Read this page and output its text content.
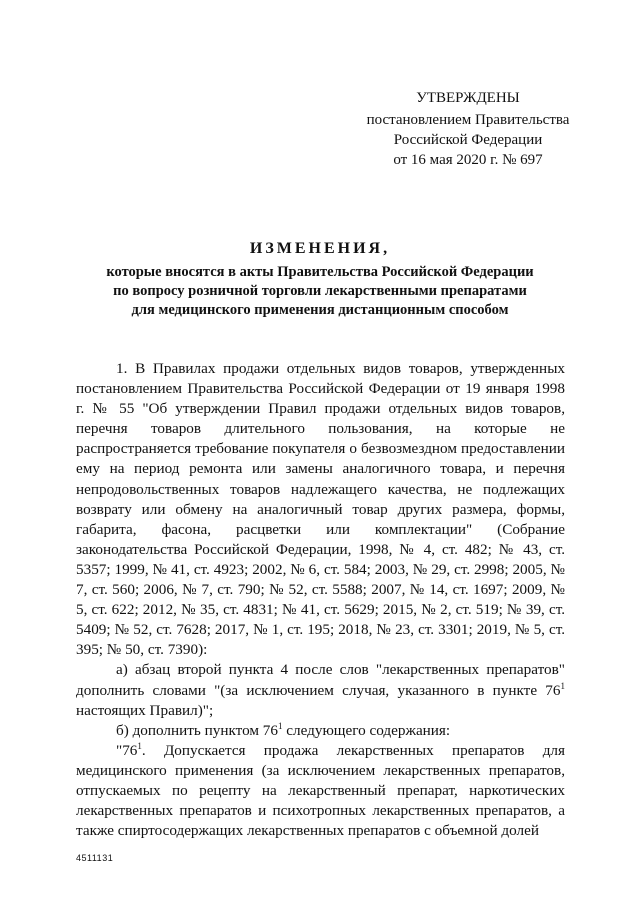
УТВЕРЖДЕНЫ
постановлением Правительства
Российской Федерации
от 16 мая 2020 г. № 697
ИЗМЕНЕНИЯ,
которые вносятся в акты Правительства Российской Федерации
по вопросу розничной торговли лекарственными препаратами
для медицинского применения дистанционным способом

1. В Правилах продажи отдельных видов товаров, утвержденных постановлением Правительства Российской Федерации от 19 января 1998 г. № 55 "Об утверждении Правил продажи отдельных видов товаров, перечня товаров длительного пользования, на которые не распространяется требование покупателя о безвозмездном предоставлении ему на период ремонта или замены аналогичного товара, и перечня непродовольственных товаров надлежащего качества, не подлежащих возврату или обмену на аналогичный товар других размера, формы, габарита, фасона, расцветки или комплектации" (Собрание законодательства Российской Федерации, 1998, № 4, ст. 482; № 43, ст. 5357; 1999, № 41, ст. 4923; 2002, № 6, ст. 584; 2003, № 29, ст. 2998; 2005, № 7, ст. 560; 2006, № 7, ст. 790; № 52, ст. 5588; 2007, № 14, ст. 1697; 2009, № 5, ст. 622; 2012, № 35, ст. 4831; № 41, ст. 5629; 2015, № 2, ст. 519; № 39, ст. 5409; № 52, ст. 7628; 2017, № 1, ст. 195; 2018, № 23, ст. 3301; 2019, № 5, ст. 395; № 50, ст. 7390):

а) абзац второй пункта 4 после слов "лекарственных препаратов" дополнить словами "(за исключением случая, указанного в пункте $76^1$ настоящих Правил)";

б) дополнить пунктом $76^1$ следующего содержания:

"$76^1$. Допускается продажа лекарственных препаратов для медицинского применения (за исключением лекарственных препаратов, отпускаемых по рецепту на лекарственный препарат, наркотических лекарственных препаратов и психотропных лекарственных препаратов, а также спиртосодержащих лекарственных препаратов с объемной долей

4511131
